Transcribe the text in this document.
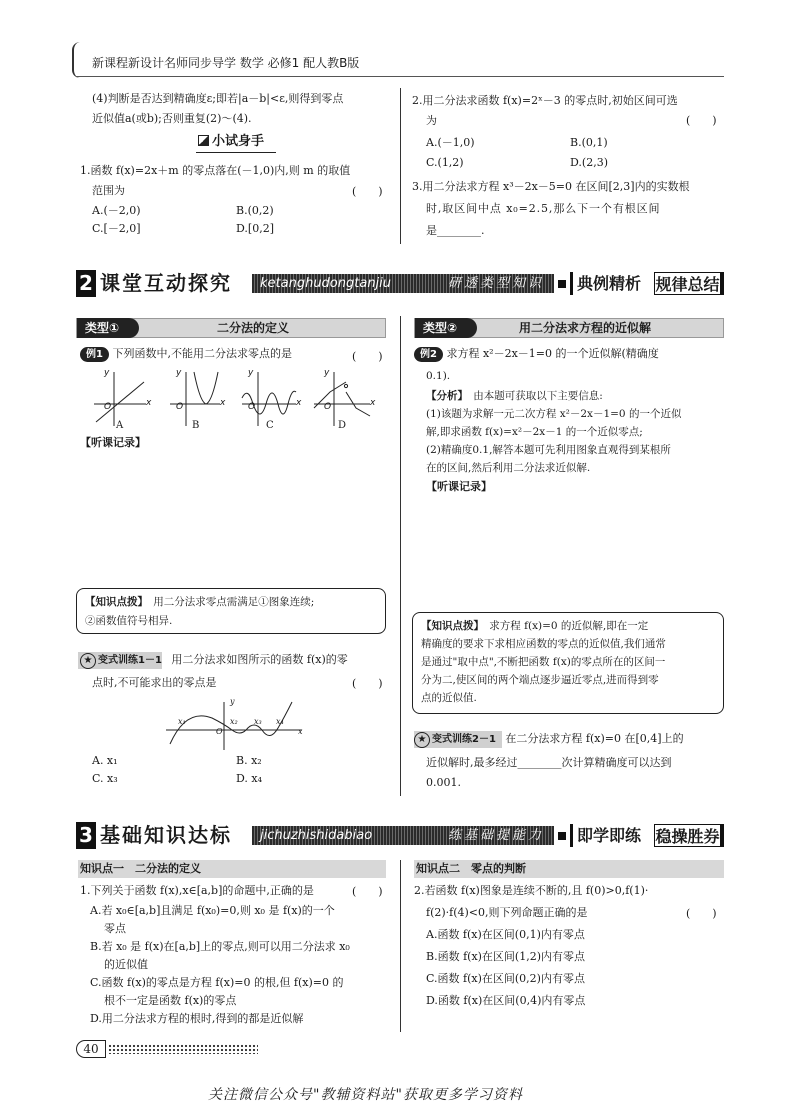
新课程新设计名师同步导学 数学 必修1 配人教B版
(4)判断是否达到精确度ε;即若|a－b|<ε,则得到零点
近似值a(或b);否则重复(2)～(4).
小试身手
1.函数 f(x)=2x＋m 的零点落在(－1,0)内,则 m 的取值
范围为	(　　)
A.(－2,0)	B.(0,2)
C.[－2,0]	D.[0,2]
2.用二分法求函数 f(x)=2ˣ－3 的零点时,初始区间可选
为	(　　)
A.(－1,0)	B.(0,1)
C.(1,2)	D.(2,3)
3.用二分法求方程 x³－2x－5=0 在区间[2,3]内的实数根
时,取区间中点 x₀=2.5,那么下一个有根区间
是________.
2 课堂互动探究 ketanghudongtanjiu	研透类型知识	典例精析 规律总结
类型①	二分法的定义
例1 下列函数中,不能用二分法求零点的是	(　　)
y	y	y	y
x	x	x	x
O	O	O	O
A	B	C	D
【听课记录】
【知识点拨】　 用二分法求零点需满足①图象连续;
②函数值符号相异.
★ 变式训练1－1 用二分法求如图所示的函数 f(x)的零
点时,不可能求出的零点是	(　　)
x₁	x₂ x₃ x₄
O
y
x
A. x₁	B. x₂
C. x₃	D. x₄
类型②	用二分法求方程的近似解
例2 求方程 x²－2x－1=0 的一个近似解(精确度
0.1).
【分析】　 由本题可获取以下主要信息:
(1)该题为求解一元二次方程 x²－2x－1=0 的一个近似
解,即求函数 f(x)=x²－2x－1 的一个近似零点;
(2)精确度0.1,解答本题可先利用图象直观得到某根所
在的区间,然后利用二分法求近似解.
【听课记录】
【知识点拨】　 求方程 f(x)=0 的近似解,即在一定
精确度的要求下求相应函数的零点的近似值,我们通常
是通过"取中点",不断把函数 f(x)的零点所在的区间一
分为二,使区间的两个端点逐步逼近零点,进而得到零
点的近似值.
★ 变式训练2－1 在二分法求方程 f(x)=0 在[0,4]上的
近似解时,最多经过________次计算精确度可以达到
0.001.
3 基础知识达标 jichuzhishidabiao	练基础提能力	即学即练 稳操胜券
知识点一　二分法的定义
1.下列关于函数 f(x),x∈[a,b]的命题中,正确的是	(　　)
A.若 x₀∈[a,b]且满足 f(x₀)=0,则 x₀ 是 f(x)的一个
零点
B.若 x₀ 是 f(x)在[a,b]上的零点,则可以用二分法求 x₀
的近似值
C.函数 f(x)的零点是方程 f(x)=0 的根,但 f(x)=0 的
根不一定是函数 f(x)的零点
D.用二分法求方程的根时,得到的都是近似解
知识点二　零点的判断
2.若函数 f(x)图象是连续不断的,且 f(0)>0,f(1)·
f(2)·f(4)<0,则下列命题正确的是	(　　)
A.函数 f(x)在区间(0,1)内有零点
B.函数 f(x)在区间(1,2)内有零点
C.函数 f(x)在区间(0,2)内有零点
D.函数 f(x)在区间(0,4)内有零点
40
关注微信公众号"教辅资料站"获取更多学习资料
